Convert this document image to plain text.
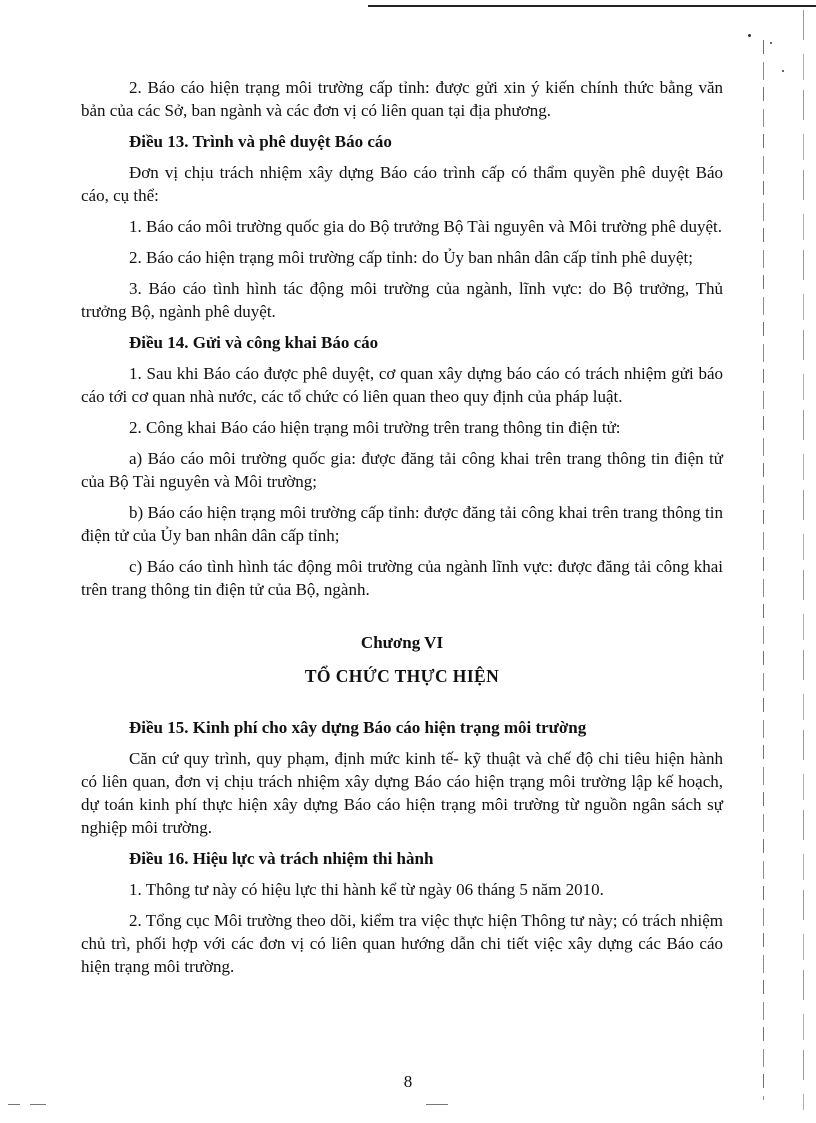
2. Báo cáo hiện trạng môi trường cấp tỉnh: được gửi xin ý kiến chính thức bằng văn bản của các Sở, ban ngành và các đơn vị có liên quan tại địa phương.

Điều 13. Trình và phê duyệt Báo cáo

Đơn vị chịu trách nhiệm xây dựng Báo cáo trình cấp có thẩm quyền phê duyệt Báo cáo, cụ thể:

1. Báo cáo môi trường quốc gia do Bộ trưởng Bộ Tài nguyên và Môi trường phê duyệt.

2. Báo cáo hiện trạng môi trường cấp tỉnh: do Ủy ban nhân dân cấp tỉnh phê duyệt;

3. Báo cáo tình hình tác động môi trường của ngành, lĩnh vực: do Bộ trưởng, Thủ trưởng Bộ, ngành phê duyệt.

Điều 14. Gửi và công khai Báo cáo

1. Sau khi Báo cáo được phê duyệt, cơ quan xây dựng báo cáo có trách nhiệm gửi báo cáo tới cơ quan nhà nước, các tổ chức có liên quan theo quy định của pháp luật.

2. Công khai Báo cáo hiện trạng môi trường trên trang thông tin điện tử:

a) Báo cáo môi trường quốc gia: được đăng tải công khai trên trang thông tin điện tử của Bộ Tài nguyên và Môi trường;

b) Báo cáo hiện trạng môi trường cấp tỉnh: được đăng tải công khai trên trang thông tin điện tử của Ủy ban nhân dân cấp tỉnh;

c) Báo cáo tình hình tác động môi trường của ngành lĩnh vực: được đăng tải công khai trên trang thông tin điện tử của Bộ, ngành.

Chương VI
TỔ CHỨC THỰC HIỆN
Điều 15. Kinh phí cho xây dựng Báo cáo hiện trạng môi trường

Căn cứ quy trình, quy phạm, định mức kinh tế- kỹ thuật và chế độ chi tiêu hiện hành có liên quan, đơn vị chịu trách nhiệm xây dựng Báo cáo hiện trạng môi trường lập kế hoạch, dự toán kinh phí thực hiện xây dựng Báo cáo hiện trạng môi trường từ nguồn ngân sách sự nghiệp môi trường.

Điều 16. Hiệu lực và trách nhiệm thi hành

1. Thông tư này có hiệu lực thi hành kể từ ngày 06 tháng 5 năm 2010.

2. Tổng cục Môi trường theo dõi, kiểm tra việc thực hiện Thông tư này; có trách nhiệm chủ trì, phối hợp với các đơn vị có liên quan hướng dẫn chi tiết việc xây dựng các Báo cáo hiện trạng môi trường.

8
